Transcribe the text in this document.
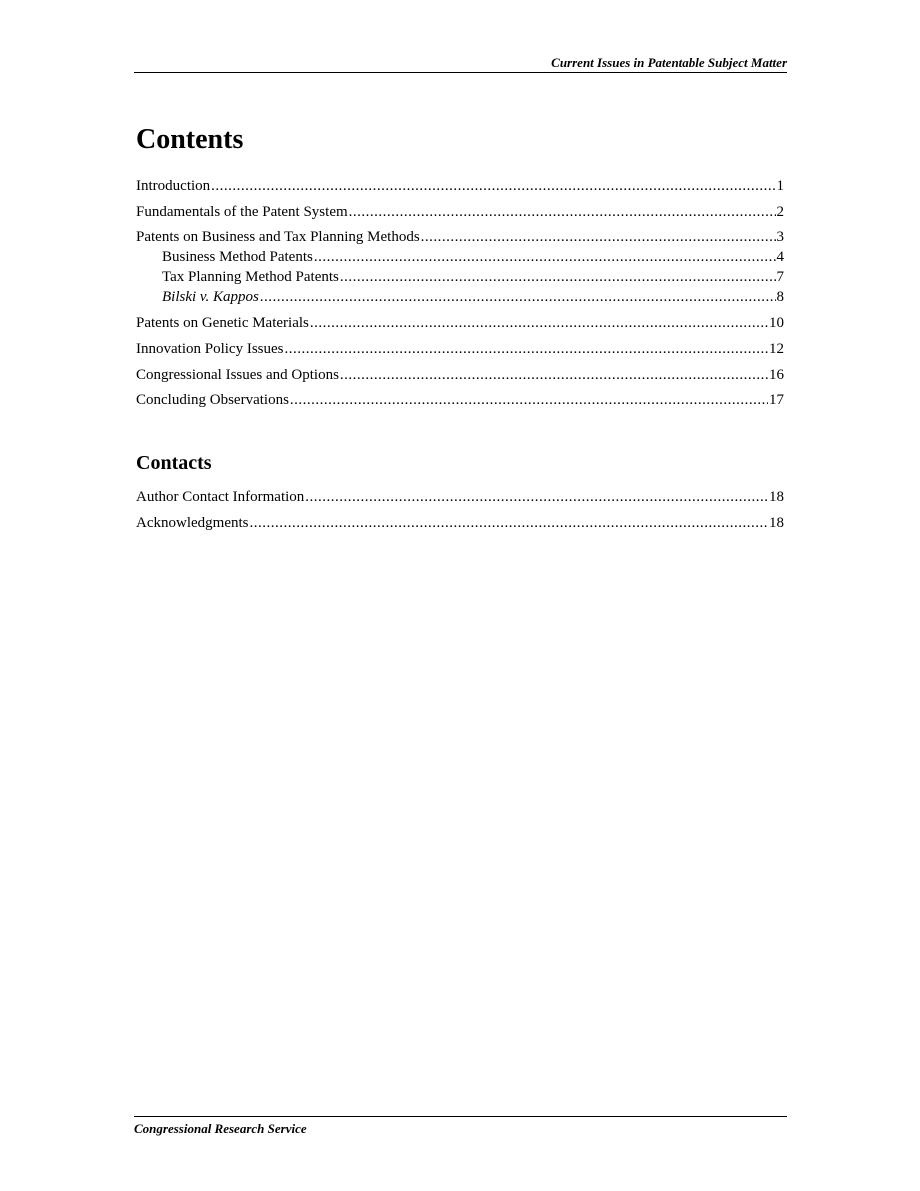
Current Issues in Patentable Subject Matter
Contents
Introduction .....	1
Fundamentals of the Patent System .....	2
Patents on Business and Tax Planning Methods .....	3
Business Method Patents .....	4
Tax Planning Method Patents .....	7
Bilski v. Kappos .....	8
Patents on Genetic Materials .....	10
Innovation Policy Issues .....	12
Congressional Issues and Options .....	16
Concluding Observations .....	17
Contacts
Author Contact Information .....	18
Acknowledgments .....	18
Congressional Research Service
